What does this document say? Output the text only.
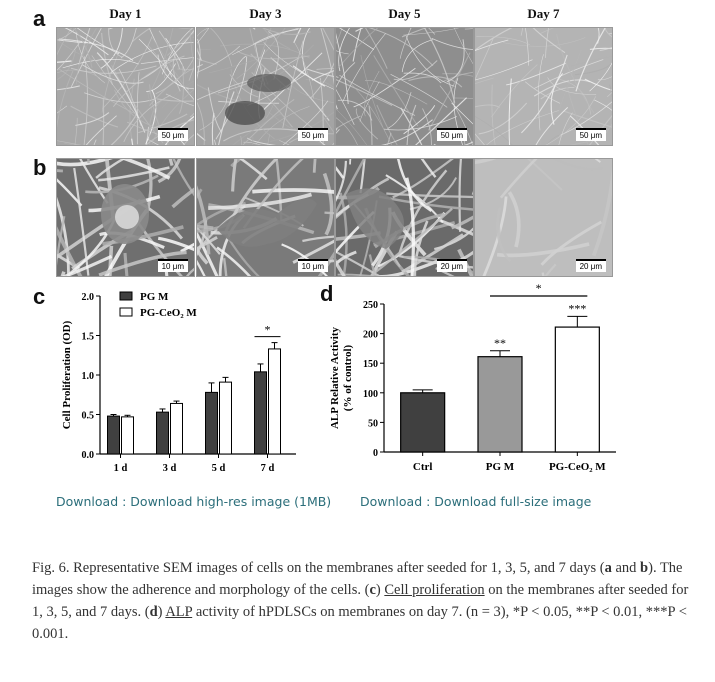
a
b
c	d
Day 1	Day 3	Day 5	Day 7
50 μm	50 μm	50 μm	50 μm
10 μm	10 μm	20 μm	20 μm
0.0
0.5
1.0
1.5
2.0
Cell Proliferation (OD)
1 d	3 d	5 d	7 d
*
PG M
PG-CeO₂ M
0
50
100
150
200
250
ALP Relative Activity (% of control)
Ctrl	PG M
**
PG-CeO₂ M
***
*
Download : Download high-res image (1MB) Download : Download full-size image
Fig. 6. Representative SEM images of cells on the membranes after seeded for 1, 3, 5, and 7 days (a and b). The images show the adherence and morphology of the cells. (c) Cell proliferation on the membranes after seeded for 1, 3, 5, and 7 days. (d) ALP activity of hPDLSCs on membranes on day 7. (n = 3), *P < 0.05, **P < 0.01, ***P < 0.001.
